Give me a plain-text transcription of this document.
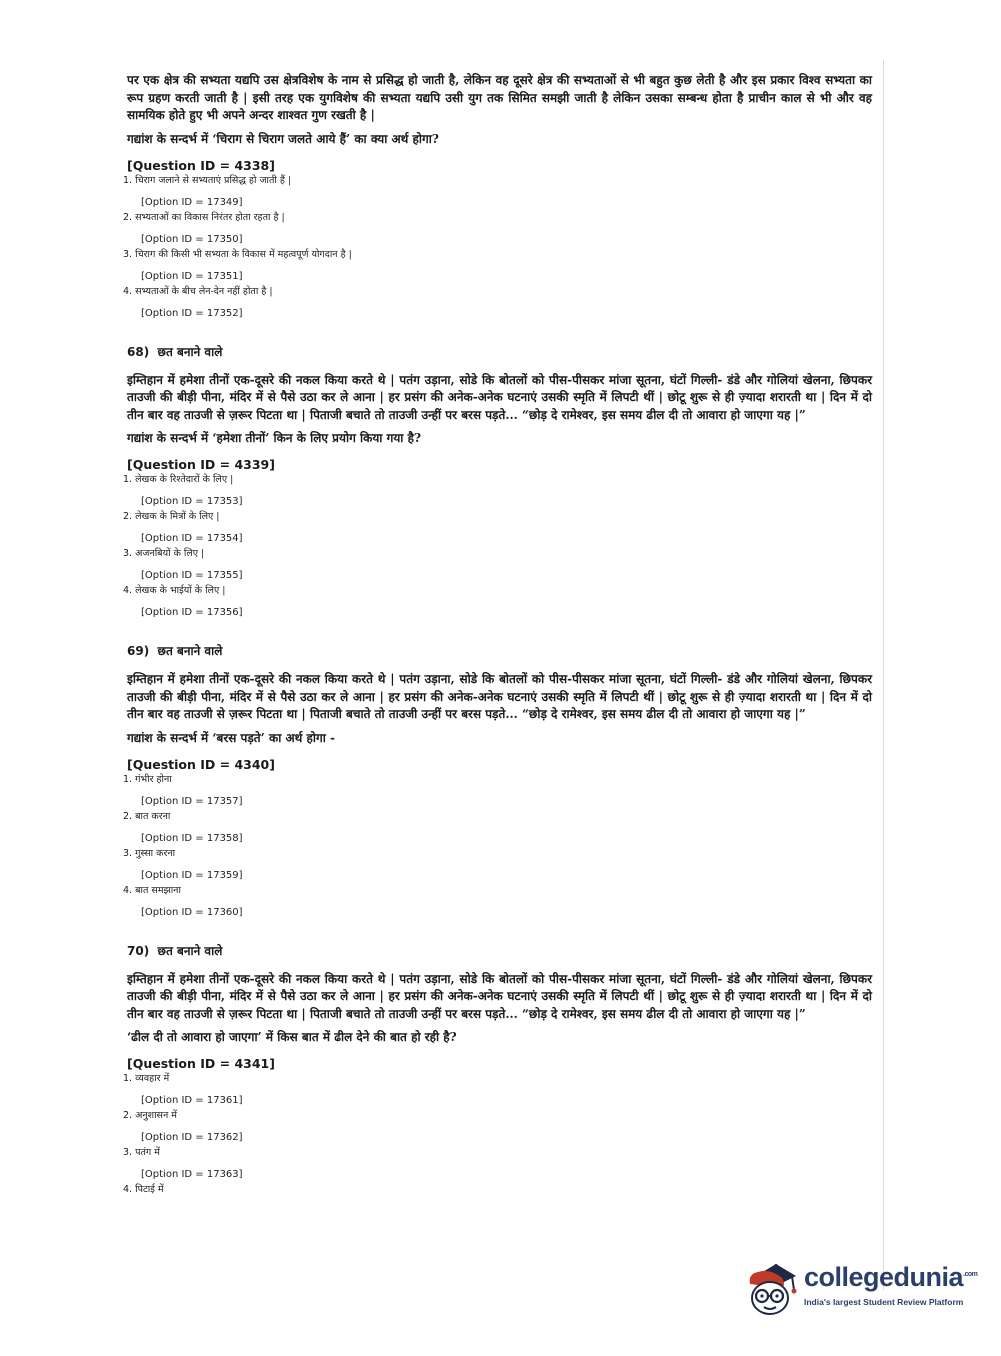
पर एक क्षेत्र की सभ्यता यद्यपि उस क्षेत्रविशेष के नाम से प्रसिद्ध हो जाती है, लेकिन वह दूसरे क्षेत्र की सभ्यताओं से भी बहुत कुछ लेती है और इस प्रकार विश्व सभ्यता का रूप ग्रहण करती जाती है | इसी तरह एक युगविशेष की सभ्यता यद्यपि उसी युग तक सिमित समझी जाती है लेकिन उसका सम्बन्ध होता है प्राचीन काल से भी और वह सामयिक होते हुए भी अपने अन्दर शाश्वत गुण रखती है |

गद्यांश के सन्दर्भ में ‘चिराग से चिराग जलते आये हैं’ का क्या अर्थ होगा?

[Question ID = 4338]

1. चिराग जलाने से सभ्यताएं प्रसिद्ध हो जाती हैं |
[Option ID = 17349]
2. सभ्यताओं का विकास निरंतर होता रहता है |
[Option ID = 17350]
3. चिराग की किसी भी सभ्यता के विकास में महत्वपूर्ण योगदान है |
[Option ID = 17351]
4. सभ्यताओं के बीच लेन-देन नहीं होता है |
[Option ID = 17352]

68) छत बनाने वाले

इम्तिहान में हमेशा तीनों एक-दूसरे की नकल किया करते थे | पतंग उड़ाना, सोडे कि बोतलों को पीस-पीसकर मांजा सूतना, घंटों गिल्ली- डंडे और गोलियां खेलना, छिपकर ताउजी की बीड़ी पीना, मंदिर में से पैसे उठा कर ले आना | हर प्रसंग की अनेक-अनेक घटनाएं उसकी स्मृति में लिपटी थीं | छोटू शुरू से ही ज़्यादा शरारती था | दिन में दो तीन बार वह ताउजी से ज़रूर पिटता था | पिताजी बचाते तो ताउजी उन्हीं पर बरस पड़ते... “छोड़ दे रामेश्वर, इस समय ढील दी तो आवारा हो जाएगा यह |”

गद्यांश के सन्दर्भ में ‘हमेशा तीनों’ किन के लिए प्रयोग किया गया है?

[Question ID = 4339]

1. लेखक के रिश्तेदारों के लिए |
[Option ID = 17353]
2. लेखक के मित्रों के लिए |
[Option ID = 17354]
3. अजनबियों के लिए |
[Option ID = 17355]
4. लेखक के भाईयों के लिए |
[Option ID = 17356]

69) छत बनाने वाले

इम्तिहान में हमेशा तीनों एक-दूसरे की नकल किया करते थे | पतंग उड़ाना, सोडे कि बोतलों को पीस-पीसकर मांजा सूतना, घंटों गिल्ली- डंडे और गोलियां खेलना, छिपकर ताउजी की बीड़ी पीना, मंदिर में से पैसे उठा कर ले आना | हर प्रसंग की अनेक-अनेक घटनाएं उसकी स्मृति में लिपटी थीं | छोटू शुरू से ही ज़्यादा शरारती था | दिन में दो तीन बार वह ताउजी से ज़रूर पिटता था | पिताजी बचाते तो ताउजी उन्हीं पर बरस पड़ते... “छोड़ दे रामेश्वर, इस समय ढील दी तो आवारा हो जाएगा यह |”

गद्यांश के सन्दर्भ में ‘बरस पड़ते’ का अर्थ होगा -

[Question ID = 4340]

1. गंभीर होना
[Option ID = 17357]
2. बात करना
[Option ID = 17358]
3. गुस्सा करना
[Option ID = 17359]
4. बात समझाना
[Option ID = 17360]

70) छत बनाने वाले

इम्तिहान में हमेशा तीनों एक-दूसरे की नकल किया करते थे | पतंग उड़ाना, सोडे कि बोतलों को पीस-पीसकर मांजा सूतना, घंटों गिल्ली- डंडे और गोलियां खेलना, छिपकर ताउजी की बीड़ी पीना, मंदिर में से पैसे उठा कर ले आना | हर प्रसंग की अनेक-अनेक घटनाएं उसकी स्मृति में लिपटी थीं | छोटू शुरू से ही ज़्यादा शरारती था | दिन में दो तीन बार वह ताउजी से ज़रूर पिटता था | पिताजी बचाते तो ताउजी उन्हीं पर बरस पड़ते... “छोड़ दे रामेश्वर, इस समय ढील दी तो आवारा हो जाएगा यह |”

‘ढील दी तो आवारा हो जाएगा’ में किस बात में ढील देने की बात हो रही है?

[Question ID = 4341]

1. व्यवहार में
[Option ID = 17361]
2. अनुशासन में
[Option ID = 17362]
3. पतंग में
[Option ID = 17363]
4. पिटाई में
collegedunia$^{.com}$
India's largest Student Review Platform
